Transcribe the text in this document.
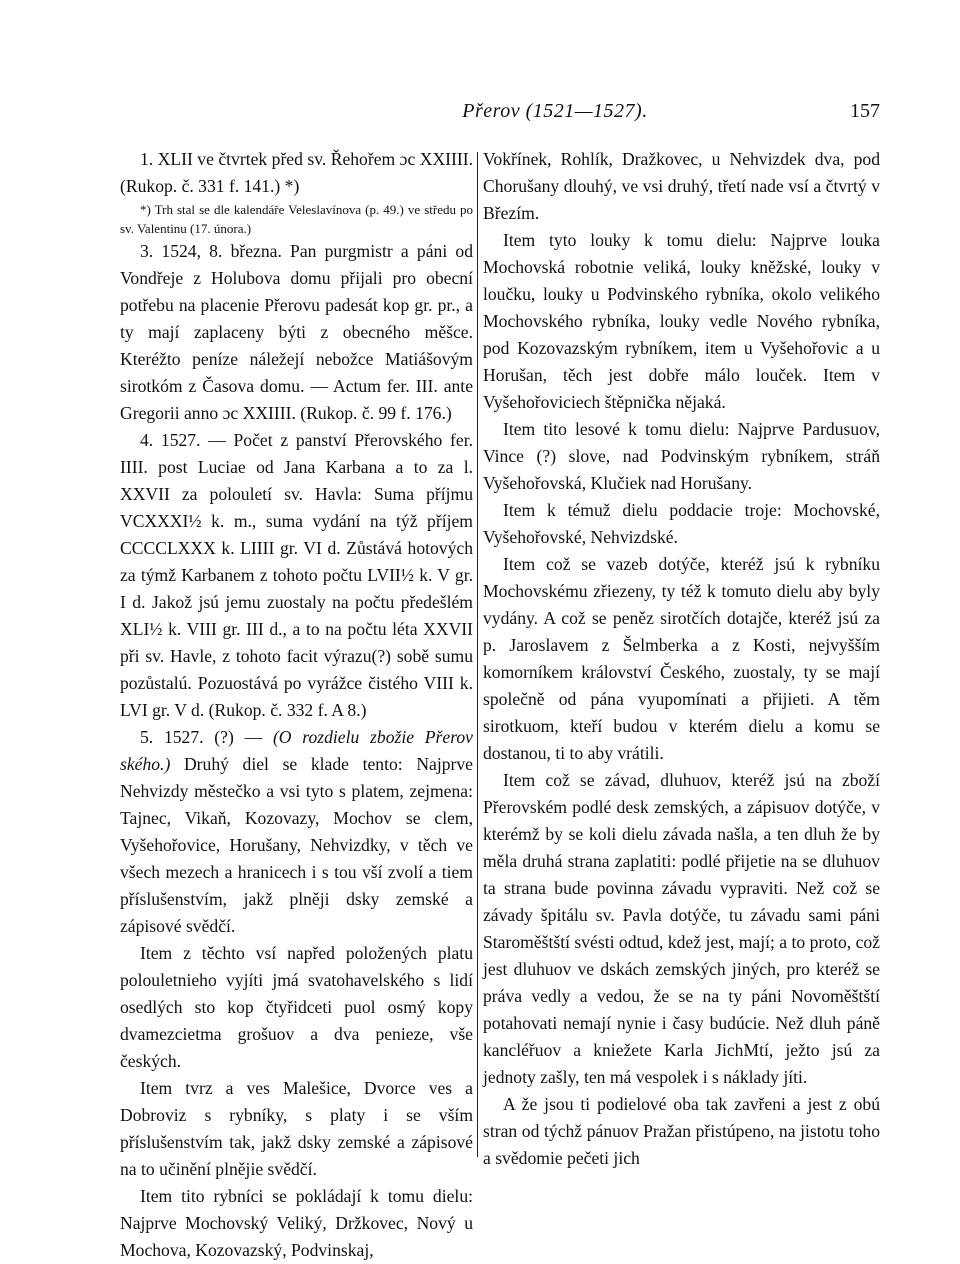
Přerov (1521—1527).	157

1. XLII ve čtvrtek před sv. Řehořem ɔc XXIIII. (Rukop. č. 331 f. 141.) *)

*) Trh stal se dle kalendáře Veleslavínova (p. 49.) ve středu po sv. Valentinu (17. února.)

3. 1524, 8. března. Pan purgmistr a páni od Vondřeje z Holubova domu přijali pro obecní potřebu na placenie Přerovu padesát kop gr. pr., a ty mají zaplaceny býti z obecného měšce. Kteréžto peníze náležejí nebožce Matiášovým sirotkóm z Časova domu. — Actum fer. III. ante Gregorii anno ɔc XXIIII. (Rukop. č. 99 f. 176.)

4. 1527. — Počet z panství Přerovského fer. IIII. post Luciae od Jana Karbana a to za l. XXVII za polouletí sv. Havla: Suma příjmu VCXXXI½ k. m., suma vydání na týž příjem CCCCLXXX k. LIIII gr. VI d. Zůstává hotových za týmž Karbanem z tohoto počtu LVII½ k. V gr. I d. Jakož jsú jemu zuostaly na počtu předešlém XLI½ k. VIII gr. III d., a to na počtu léta XXVII při sv. Havle, z tohoto facit výrazu(?) sobě sumu pozůstalú. Pozuostává po vyrážce čistého VIII k. LVI gr. V d. (Rukop. č. 332 f. A 8.)

5. 1527. (?) — (O rozdielu zbožie Přerov ského.) Druhý diel se klade tento: Najprve Nehvizdy městečko a vsi tyto s platem, zejmena: Tajnec, Vikaň, Kozovazy, Mochov se clem, Vyšehořovice, Horušany, Nehvizdky, v těch ve všech mezech a hranicech i s tou vší zvolí a tiem příslušenstvím, jakž plněji dsky zemské a zápisové svědčí.

Item z těchto vsí napřed položených platu polouletnieho vyjíti jmá svatohavelského s lidí osedlých sto kop čtyřidceti puol osmý kopy dvamezcietma grošuov a dva penieze, vše českých.

Item tvrz a ves Malešice, Dvorce ves a Dobroviz s rybníky, s platy i se vším příslušenstvím tak, jakž dsky zemské a zápisové na to učinění plnějie svědčí.

Item tito rybníci se pokládají k tomu dielu: Najprve Mochovský Veliký, Držkovec, Nový u Mochova, Kozovazský, Podvinskaj,

Vokřínek, Rohlík, Dražkovec, u Nehvizdek dva, pod Chorušany dlouhý, ve vsi druhý, třetí nade vsí a čtvrtý v Březím.

Item tyto louky k tomu dielu: Najprve louka Mochovská robotnie veliká, louky kněžské, louky v loučku, louky u Podvinského rybníka, okolo velikého Mochovského rybníka, louky vedle Nového rybníka, pod Kozovazským rybníkem, item u Vyšehořovic a u Horušan, těch jest dobře málo louček. Item v Vyšehořoviciech štěpnička nějaká.

Item tito lesové k tomu dielu: Najprve Pardusuov, Vince (?) slove, nad Podvinským rybníkem, stráň Vyšehořovská, Klučiek nad Horušany.

Item k témuž dielu poddacie troje: Mochovské, Vyšehořovské, Nehvizdské.

Item což se vazeb dotýče, kteréž jsú k rybníku Mochovskému zřiezeny, ty též k tomuto dielu aby byly vydány. A což se peněz sirotčích dotajče, kteréž jsú za p. Jaroslavem z Šelmberka a z Kosti, nejvyšším komorníkem království Českého, zuostaly, ty se mají společně od pána vyupomínati a přijieti. A těm sirotkuom, kteří budou v kterém dielu a komu se dostanou, ti to aby vrátili.

Item což se závad, dluhuov, kteréž jsú na zboží Přerovském podlé desk zemských, a zápisuov dotýče, v kterémž by se koli dielu závada našla, a ten dluh že by měla druhá strana zaplatiti: podlé přijetie na se dluhuov ta strana bude povinna závadu vypraviti. Než což se závady špitálu sv. Pavla dotýče, tu závadu sami páni Staroměštští svésti odtud, kdež jest, mají; a to proto, což jest dluhuov ve dskách zemských jiných, pro kteréž se práva vedly a vedou, že se na ty páni Novoměštští potahovati nemají nynie i časy budúcie. Než dluh páně kancléřuov a kniežete Karla JichMtí, ježto jsú za jednoty zašly, ten má vespolek i s náklady jíti.

A že jsou ti podielové oba tak zavřeni a jest z obú stran od týchž pánuov Pražan přistúpeno, na jistotu toho a svědomie pečeti jich
